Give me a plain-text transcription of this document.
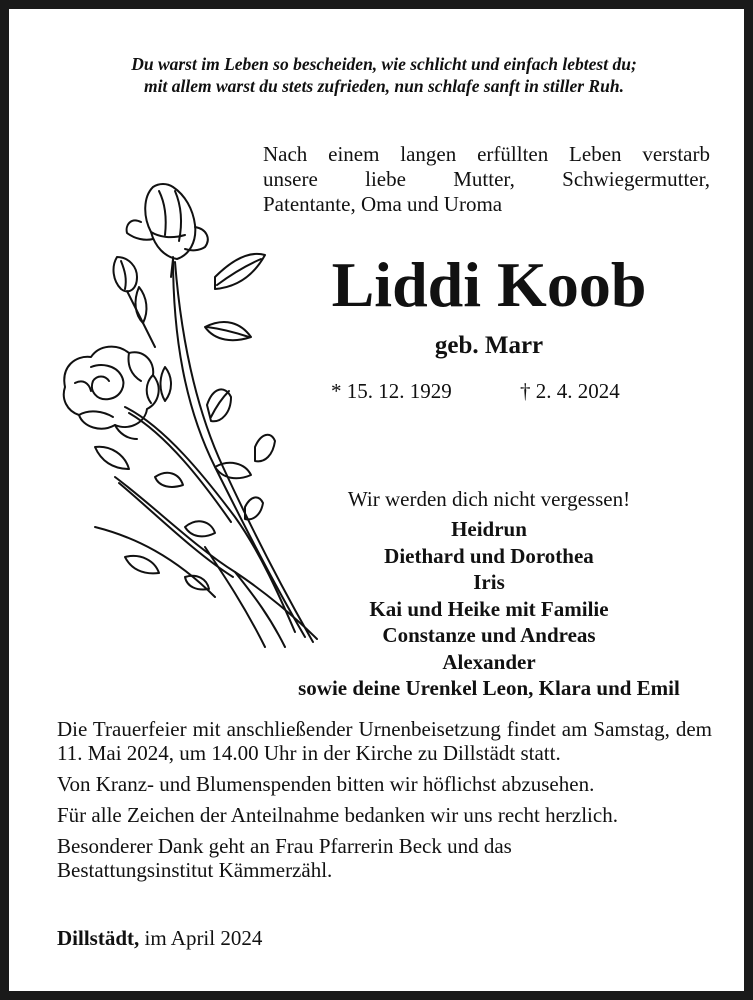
Du warst im Leben so bescheiden, wie schlicht und einfach lebtest du;
mit allem warst du stets zufrieden, nun schlafe sanft in stiller Ruh.
Nach einem langen erfüllten Leben verstarb
unsere liebe Mutter, Schwiegermutter,
Patentante, Oma und Uroma
Liddi Koob
geb. Marr
* 15. 12. 1929	† 2. 4. 2024
Wir werden dich nicht vergessen!
Heidrun
Diethard und Dorothea
Iris
Kai und Heike mit Familie
Constanze und Andreas
Alexander
sowie deine Urenkel Leon, Klara und Emil

Die Trauerfeier mit anschließender Urnenbeisetzung findet am Samstag, dem 11. Mai 2024, um 14.00 Uhr in der Kirche zu Dillstädt statt.

Von Kranz- und Blumenspenden bitten wir höflichst abzusehen.

Für alle Zeichen der Anteilnahme bedanken wir uns recht herzlich.

Besonderer Dank geht an Frau Pfarrerin Beck und das
Bestattungsinstitut Kämmerzähl.

Dillstädt, im April 2024
